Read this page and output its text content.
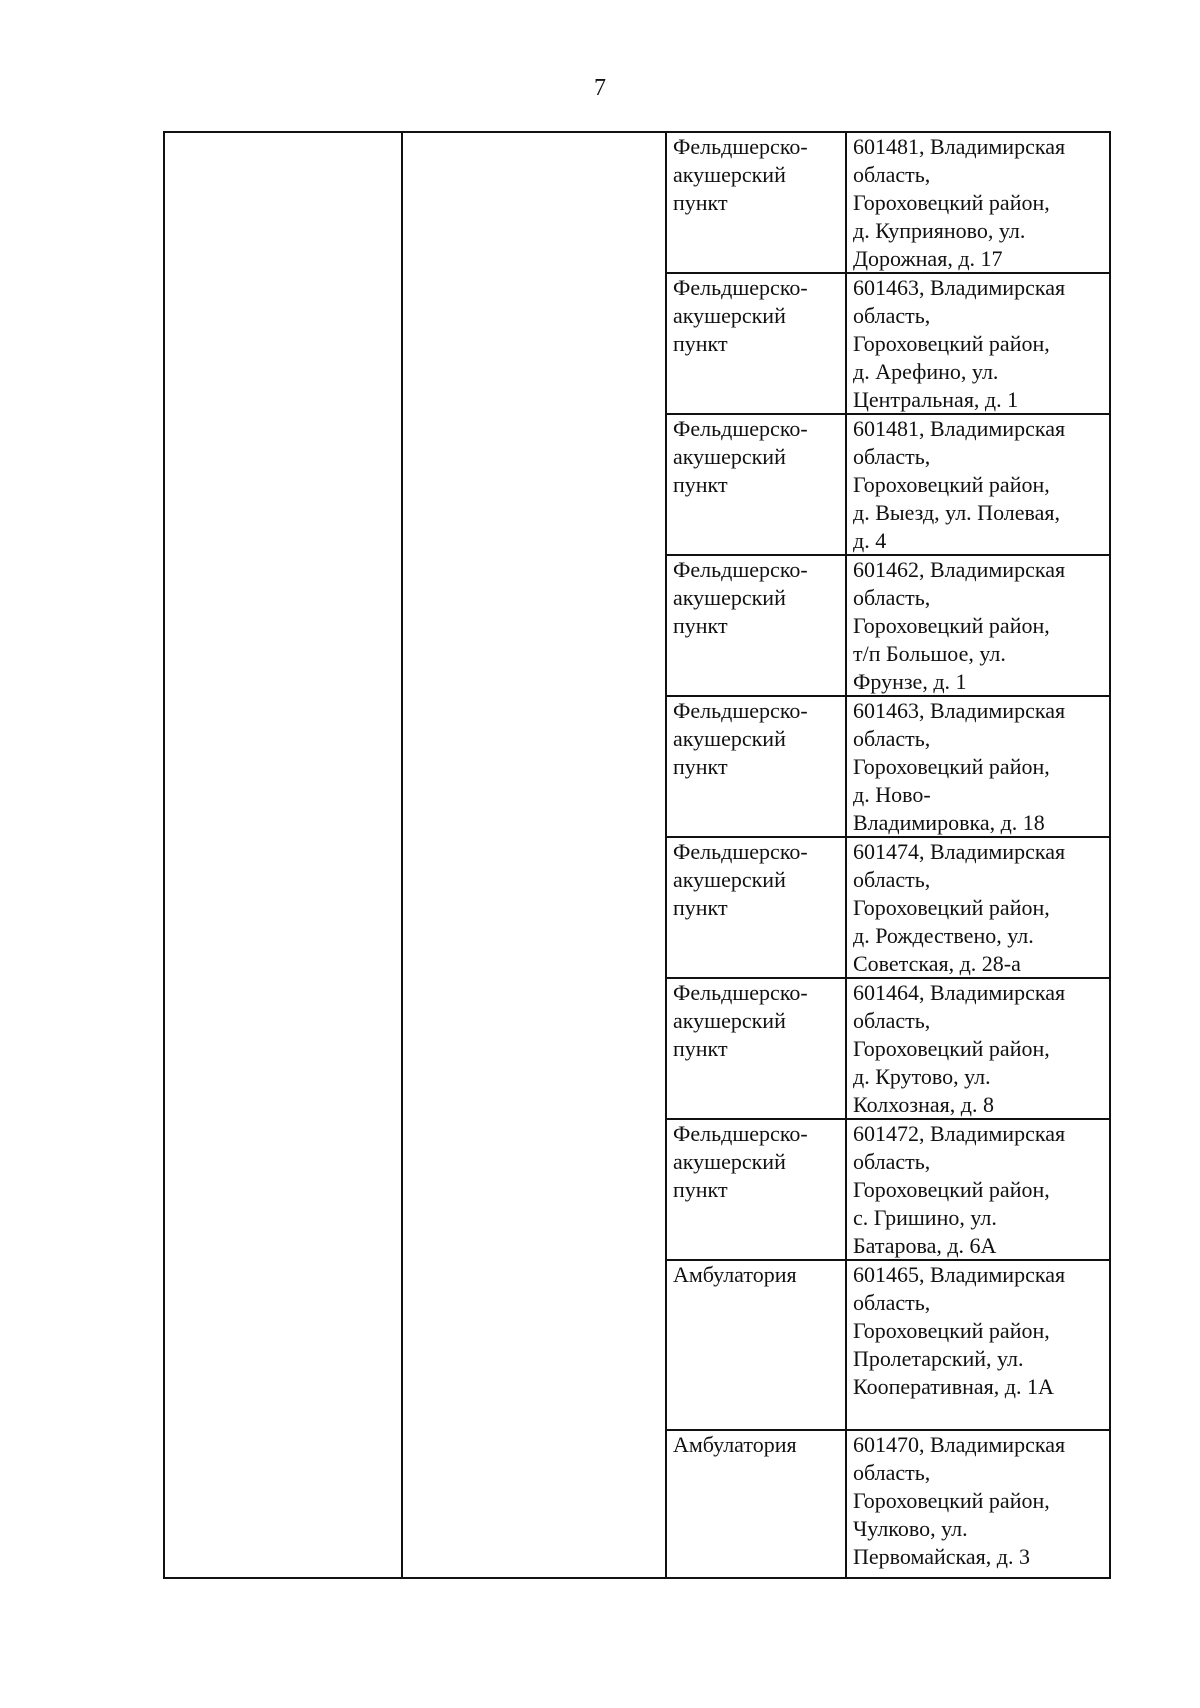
7
Фельдшерско-
акушерский
пункт
601481, Владимирская
область,
Гороховецкий район,
д. Куприяново, ул.
Дорожная, д. 17
Фельдшерско-
акушерский
пункт
601463, Владимирская
область,
Гороховецкий район,
д. Арефино, ул.
Центральная, д. 1
Фельдшерско-
акушерский
пункт
601481, Владимирская
область,
Гороховецкий район,
д. Выезд, ул. Полевая,
д. 4
Фельдшерско-
акушерский
пункт
601462, Владимирская
область,
Гороховецкий район,
т/п Большое, ул.
Фрунзе, д. 1
Фельдшерско-
акушерский
пункт
601463, Владимирская
область,
Гороховецкий район,
д. Ново-
Владимировка, д. 18
Фельдшерско-
акушерский
пункт
601474, Владимирская
область,
Гороховецкий район,
д. Рождествено, ул.
Советская, д. 28-а
Фельдшерско-
акушерский
пункт
601464, Владимирская
область,
Гороховецкий район,
д. Крутово, ул.
Колхозная, д. 8
Фельдшерско-
акушерский
пункт
601472, Владимирская
область,
Гороховецкий район,
с. Гришино, ул.
Батарова, д. 6А
Амбулатория	601465, Владимирская
область,
Гороховецкий район,
Пролетарский, ул.
Кооперативная, д. 1А
Амбулатория	601470, Владимирская
область,
Гороховецкий район,
Чулково, ул.
Первомайская, д. 3
